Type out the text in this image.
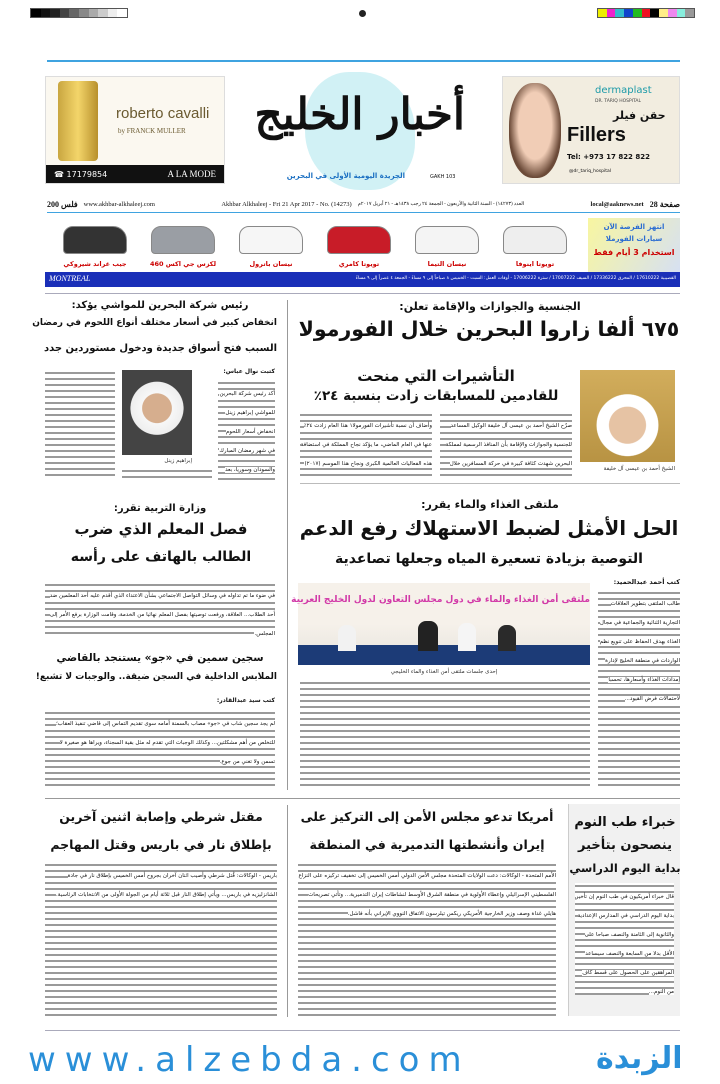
roberto cavalli
by FRANCK MULLER
☎ 17179854	A LA MODE
أخبار الخليج
الجريدة اليومية الأولى في البحرين	GAKH 103
dermaplast
DR. TARIQ HOSPITAL
حقن فيلر
Fillers
Tel: +973 17 822 822
@dr_tariq_hospital
200 فلس www.akhbar-alkhaleej.com	Akhbar Alkhaleej - Fri 21 Apr 2017 - No. (14273) العدد (١٤٢٧٣) - السنة الثانية والأربعون - الجمعة ٢٤ رجب ١٤٣٨هـ - ٢١ أبريل ٢٠١٧م	local@aaknews.net 28 صفحة
انتهز الفرصة الآن
سيارات الفورملا
استخدام 3 أيام فقط
تويوتا اينوفا
نيسان التيما
تويوتا كامري
نيسان باترول
لكزس جي اكس 460
جيب غراند شيروكي
MONTREAL	القضيبية 17610222 / المحرق 17336222 / السيف 17007222 / سترة 17006222 - أوقات العمل: السبت - الخميس ٨ صباحاً إلى ٩ مساءً - الجمعة ٤ عصراً إلى ٩ مساءً
الجنسية والجوازات والإقامة تعلن:
٦٧٥ ألفا زاروا البحرين خلال الفورمولا
التأشيرات التي منحت
للقادمين للمسابقات زادت بنسبة ٢٤٪
الشيخ أحمد بن عيسى آل خليفة

صرّح الشيخ أحمد بن عيسى آل خليفة الوكيل المساعد للجنسية والجوازات والإقامة بأن المنافذ الرسمية لمملكة البحرين شهدت كثافة كبيرة في حركة المسافرين خلال

وأضاف أن نسبة تأشيرات الفورمولا١ هذا العام زادت ٢٤٪ عنها في العام الماضي، ما يؤكد نجاح المملكة في استضافة هذه الفعاليات العالمية الكبرى ونجاح هذا الموسم (٢٠١٧)

رئيس شركة البحرين للمواشي يؤكد:
انخفاض كبير في أسعار مختلف أنواع اللحوم في رمضان
السبب فتح أسواق جديدة ودخول مستوردين جدد
كتبت نوال عباس:

أكد رئيس شركة البحرين للمواشي إبراهيم زينل انخفاض أسعار اللحوم في شهر رمضان المبارك والسودان وسوريا، بعد

إبراهيم زينل
ملتقى الغذاء والماء يقرر:
الحل الأمثل لضبط الاستهلاك رفع الدعم
التوصية بزيادة تسعيرة المياه وجعلها تصاعدية
كتب أحمد عبدالحميد:

طالب الملتقى بتطوير العلاقات التجارية الثنائية والجماعية في مجال الغذاء بهدف الحفاظ على تنويع نظم الواردات في منطقة الخليج لإدارة إمدادات الغذاء وأسعارها، تحسبا لاحتمالات فرض القيود...

ملتقى أمن الغذاء والماء في دول مجلس التعاون لدول الخليج العربية
إحدى جلسات ملتقى أمن الغذاء والماء الخليجي
وزارة التربية تقرر:
فصل المعلم الذي ضرب
الطالب بالهاتف على رأسه

في ضوء ما تم تداوله في وسائل التواصل الاجتماعي بشأن الاعتداء الذي أقدم عليه أحد المعلمين ضد أحد الطلاب... العلاقة، ورفعت توصيتها بفصل المعلم نهائيا من الخدمة، وقامت الوزارة برفع الأمر إلى المجلس.

سجين سمين في «جو» يستنجد بالقاضي
الملابس الداخلية في السجن ضيقة.. والوجبات لا تشبع!
كتب سيد عبدالقادر:

لم يجد سجين شاب في «جو» مصاب بالسمنة أمامه سوى تقديم التماس إلى قاضي تنفيذ العقاب؛ للتخلص من أهم مشكلتين... وكذلك الوجبات التي تقدم له مثل بقية السجناء، ويراها هو صغيرة لا تسمن ولا تغني من جوع.

خبراء طب النوم
ينصحون بتأخير
بداية اليوم الدراسي

قال خبراء أمريكيون في طب النوم إن تأخير بداية اليوم الدراسي في المدارس الإعدادية والثانوية إلى الثامنة والنصف صباحا على الأقل بدلا من السابعة والنصف سيساعد المراهقين على الحصول على قسط كاف من النوم...

أمريكا تدعو مجلس الأمن إلى التركيز على
إيران وأنشطتها التدميرية في المنطقة

الأمم المتحدة - الوكالات: دعت الولايات المتحدة مجلس الأمن الدولي أمس الخميس إلى تخفيف تركيزه على النزاع الفلسطيني الإسرائيلي وإعطاء الأولوية في منطقة الشرق الأوسط لنشاطات إيران التدميرية... وتأتي تصريحات هايلي غداة وصف وزير الخارجية الأمريكي ريكس تيلرسون الاتفاق النووي الإيراني بأنه فاشل.

مقتل شرطي وإصابة اثنين آخرين
بإطلاق نار في باريس وقتل المهاجم

باريس - الوكالات: قُتل شرطي وأصيب اثنان آخران بجروح أمس الخميس بإطلاق نار في جادة الشانزليزيه في باريس... ويأتي إطلاق النار قبل ثلاثة أيام من الجولة الأولى من الانتخابات الرئاسية.

www.alzebda.com	الزبدة
